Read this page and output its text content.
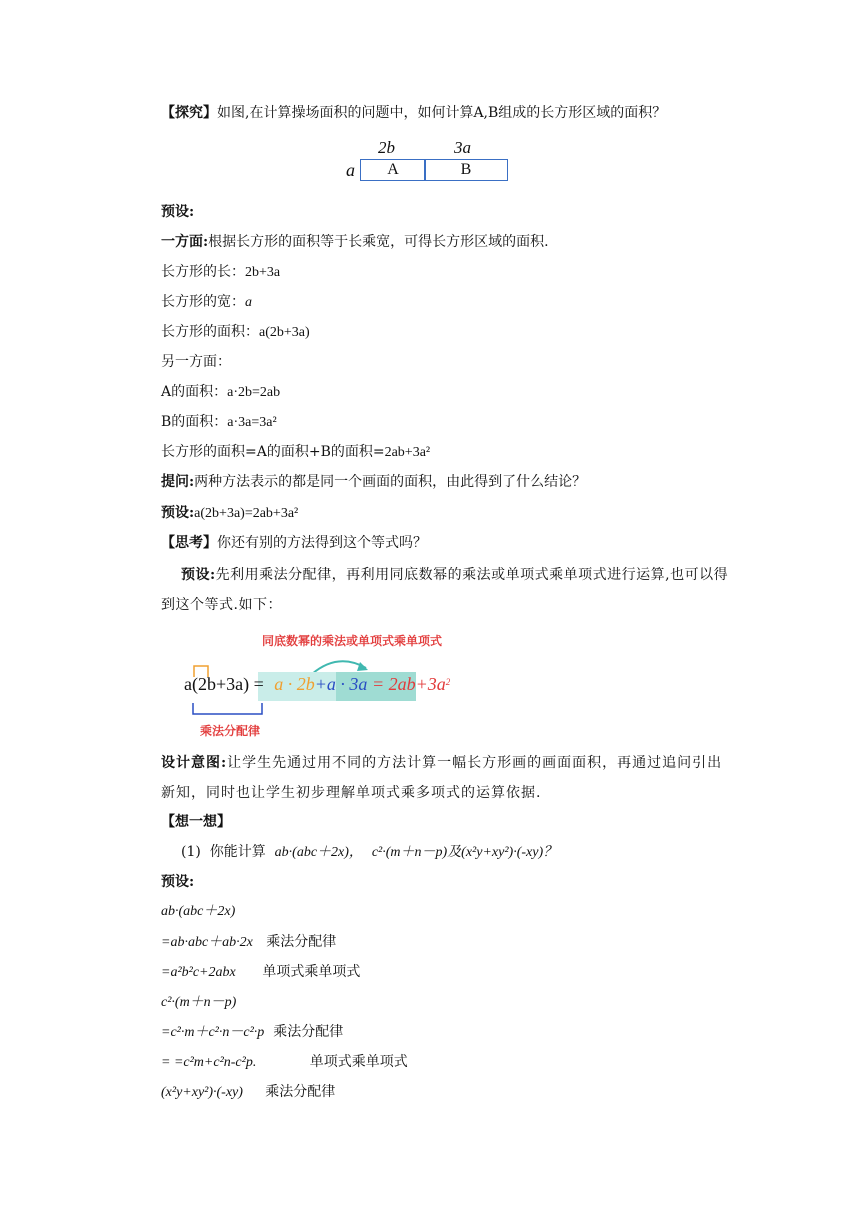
【探究】如图,在计算操场面积的问题中，如何计算A,B组成的长方形区域的面积？
2b	3a
a	A	B
预设:
一方面:根据长方形的面积等于长乘宽，可得长方形区域的面积.
长方形的长：2b+3a
长方形的宽：a
长方形的面积：a(2b+3a)
另一方面：
A的面积：a·2b=2ab
B的面积：a·3a=3a²
长方形的面积=A的面积+B的面积=2ab+3a²
提问:两种方法表示的都是同一个画面的面积，由此得到了什么结论？
预设:a(2b+3a)=2ab+3a²
【思考】你还有别的方法得到这个等式吗？
预设:先利用乘法分配律，再利用同底数幂的乘法或单项式乘单项式进行运算,也可以得到这个等式.如下：
同底数幂的乘法或单项式乘单项式
$a(2b+3a) = a \cdot 2b+a \cdot 3a = 2ab+3a^2$
乘法分配律
设计意图:让学生先通过用不同的方法计算一幅长方形画的画面面积，再通过追问引出新知，同时也让学生初步理解单项式乘多项式的运算依据.
【想一想】
(1) 你能计算 ab·(abc＋2x)， c²·(m＋n－p)及(x²y+xy²)·(-xy)？
预设:
ab·(abc＋2x)
=ab·abc＋ab·2x 乘法分配律
=a²b²c+2abx 单项式乘单项式
c²·(m＋n－p)
=c²·m＋c²·n－c²·p 乘法分配律
= =c²m+c²n-c²p.	单项式乘单项式
(x²y+xy²)·(-xy) 乘法分配律
